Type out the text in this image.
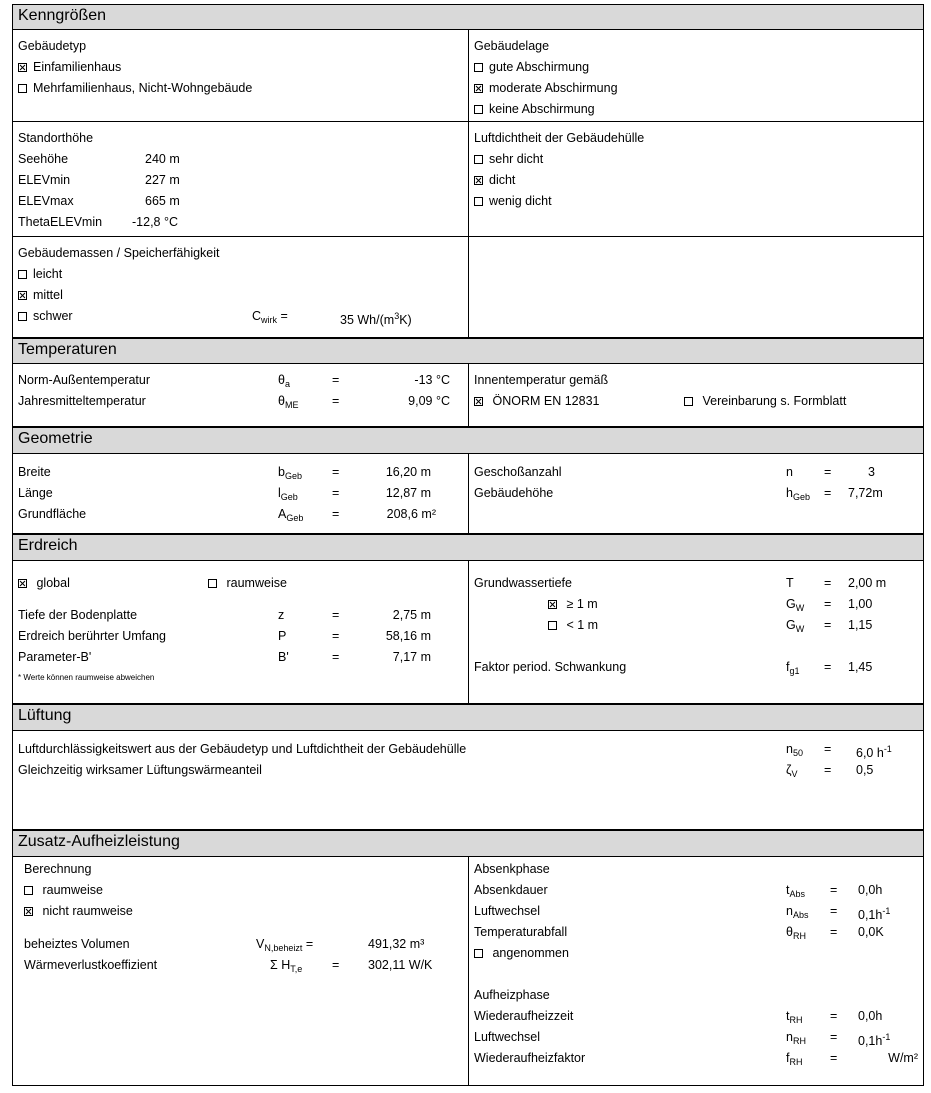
Kenngrößen
Gebäudetyp
Einfamilienhaus
Mehrfamilienhaus, Nicht-Wohngebäude
Gebäudelage
gute Abschirmung
moderate Abschirmung
keine Abschirmung
Standorthöhe
Seehöhe	240 m
ELEVmin	227 m
ELEVmax	665 m
ThetaELEVmin -12,8 °C
Luftdichtheit der Gebäudehülle
sehr dicht
dicht
wenig dicht
Gebäudemassen / Speicherfähigkeit
leicht
mittel
schwer	$C_{wirk}$ =	35 $Wh/(m^3K)$
Temperaturen
Norm-Außentemperatur	$\theta_a$	=	-13 °C
Jahresmitteltemperatur	$\theta_{ME}$	=	9,09 °C
Innentemperatur gemäß
ÖNORM EN 12831	Vereinbarung s. Formblatt
Geometrie
Breite	$b_{Geb}$ =	16,20 m
Länge	$l_{Geb}$	=	12,87 m
Grundfläche	$A_{Geb}$ =	208,6 m²
Geschoßanzahl	n =	3
Gebäudehöhe	$h_{Geb} = 7,72m$
Erdreich
global	raumweise
Tiefe der Bodenplatte	z	=	2,75 m
Erdreich berührter Umfang	P	=	58,16 m
Parameter-B'	B'	=	7,17 m
* Werte können raumweise abweichen
Grundwassertiefe	T = 2,00 m
≥ 1 m	$G_W = 1,00$
< 1 m	$G_W = 1,15$
Faktor period. Schwankung	$f_{g1} = 1,45$
Lüftung
Luftdurchlässigkeitswert aus der Gebäudetyp und Luftdichtheit der Gebäudehülle	$n_{50} = 6,0$ $h^{-1}$
Gleichzeitig wirksamer Lüftungswärmeanteil	$\zeta_V = 0,5$
Zusatz-Aufheizleistung
Berechnung
raumweise
nicht raumweise
beheiztes Volumen	$V_{N,beheizt}$ =	491,32 m³
Wärmeverlustkoeffizient	Σ $H_{T,e} = 302,11$ W/K
Absenkphase
Absenkdauer	$t_{Abs} = 0,0h$
Luftwechsel	$n_{Abs} = 0,1h^{-1}$
Temperaturabfall	$\theta_{RH} = 0,0K$
angenommen
Aufheizphase
Wiederaufheizzeit	$t_{RH} = 0,0h$
Luftwechsel	$n_{RH} = 0,1h^{-1}$
Wiederaufheizfaktor	$f_{RH}$ =	W/m²
